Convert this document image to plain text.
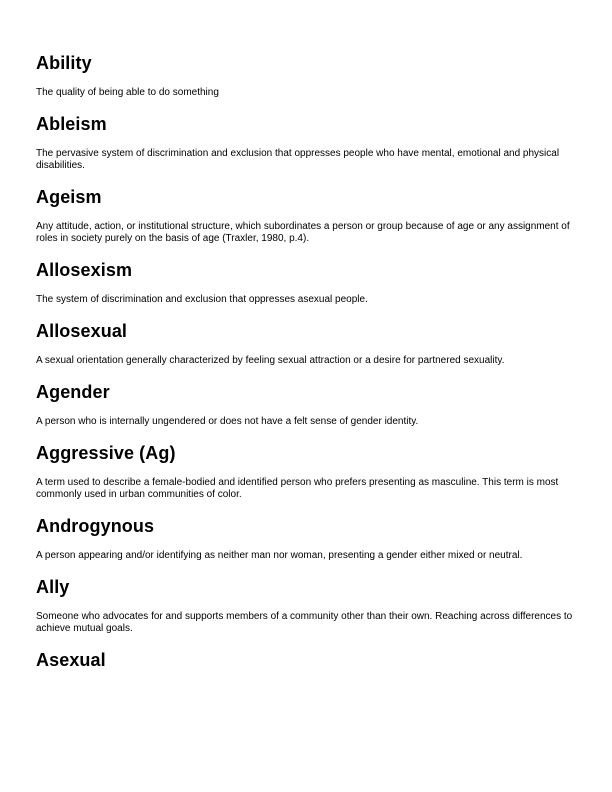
Ability

The quality of being able to do something

Ableism

The pervasive system of discrimination and exclusion that oppresses people who have mental, emotional and physical disabilities.

Ageism

Any attitude, action, or institutional structure, which subordinates a person or group because of age or any assignment of roles in society purely on the basis of age (Traxler, 1980, p.4).

Allosexism

The system of discrimination and exclusion that oppresses asexual people.

Allosexual

A sexual orientation generally characterized by feeling sexual attraction or a desire for partnered sexuality.

Agender

A person who is internally ungendered or does not have a felt sense of gender identity.

Aggressive (Ag)

A term used to describe a female-bodied and identified person who prefers presenting as masculine. This term is most commonly used in urban communities of color.

Androgynous

A person appearing and/or identifying as neither man nor woman, presenting a gender either mixed or neutral.

Ally

Someone who advocates for and supports members of a community other than their own. Reaching across differences to achieve mutual goals.

Asexual
